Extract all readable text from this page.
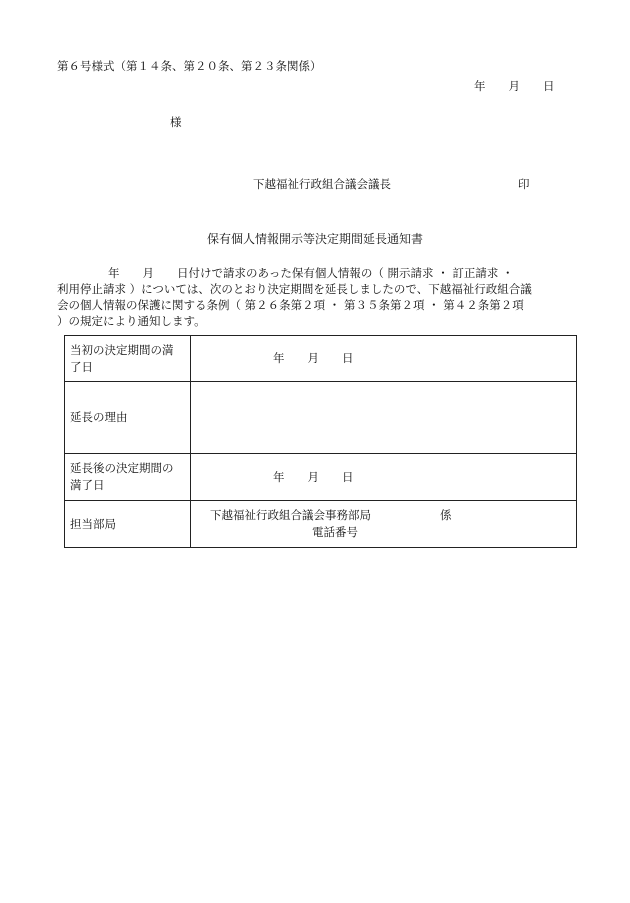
第６号様式（第１４条、第２０条、第２３条関係）
年　　月　　日
様
下越福祉行政組合議会議長	印
保有個人情報開示等決定期間延長通知書
年　　月　　日付けで請求のあった保有個人情報の（ 開示請求 ・ 訂正請求 ・
利用停止請求 ）については、次のとおり決定期間を延長しましたので、下越福祉行政組合議
会の個人情報の保護に関する条例（ 第２６条第２項 ・ 第３５条第２項 ・ 第４２条第２項
）の規定により通知します。
当初の決定期間の満
了日	年　　月　　日

延長の理由	

延長後の決定期間の
満了日	年　　月　　日

担当部局	下越福祉行政組合議会事務部局　　　　　　係
電話番号
